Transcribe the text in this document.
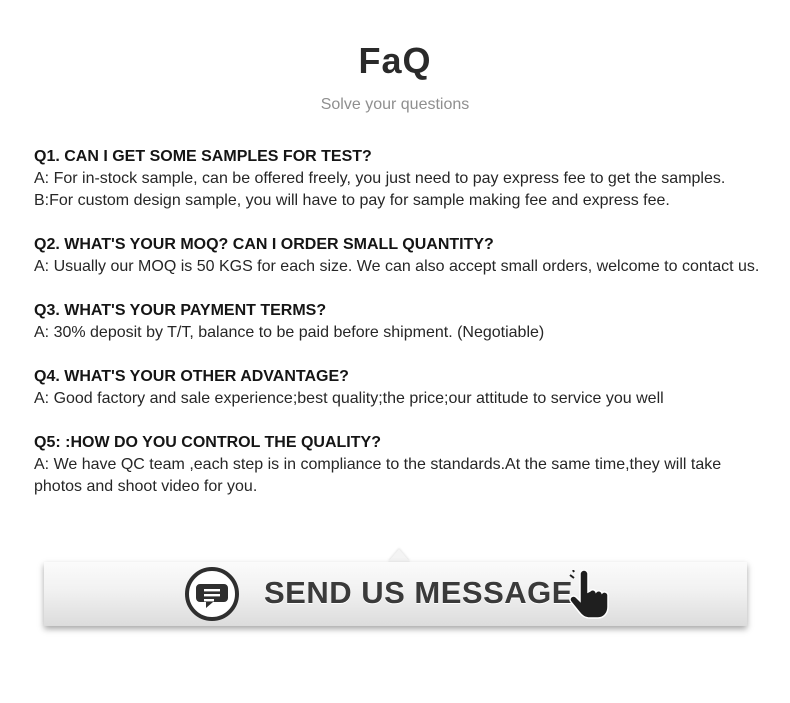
FaQ
Solve your questions
Q1. CAN I GET SOME SAMPLES FOR TEST?
A: For in-stock sample, can be offered freely, you just need to pay express fee to get the samples.
B:For custom design sample, you will have to pay for sample making fee and express fee.
Q2. WHAT'S YOUR MOQ? CAN I ORDER SMALL QUANTITY?
A: Usually our MOQ is 50 KGS for each size. We can also accept small orders, welcome to contact us.
Q3. WHAT'S YOUR PAYMENT TERMS?
A: 30% deposit by T/T, balance to be paid before shipment. (Negotiable)
Q4. WHAT'S YOUR OTHER ADVANTAGE?
A: Good factory and sale experience;best quality;the price;our attitude to service you well
Q5: :HOW DO YOU CONTROL THE QUALITY?
A: We have QC team ,each step is in compliance to the standards.At the same time,they will take photos and shoot video for you.
SEND US MESSAGE
